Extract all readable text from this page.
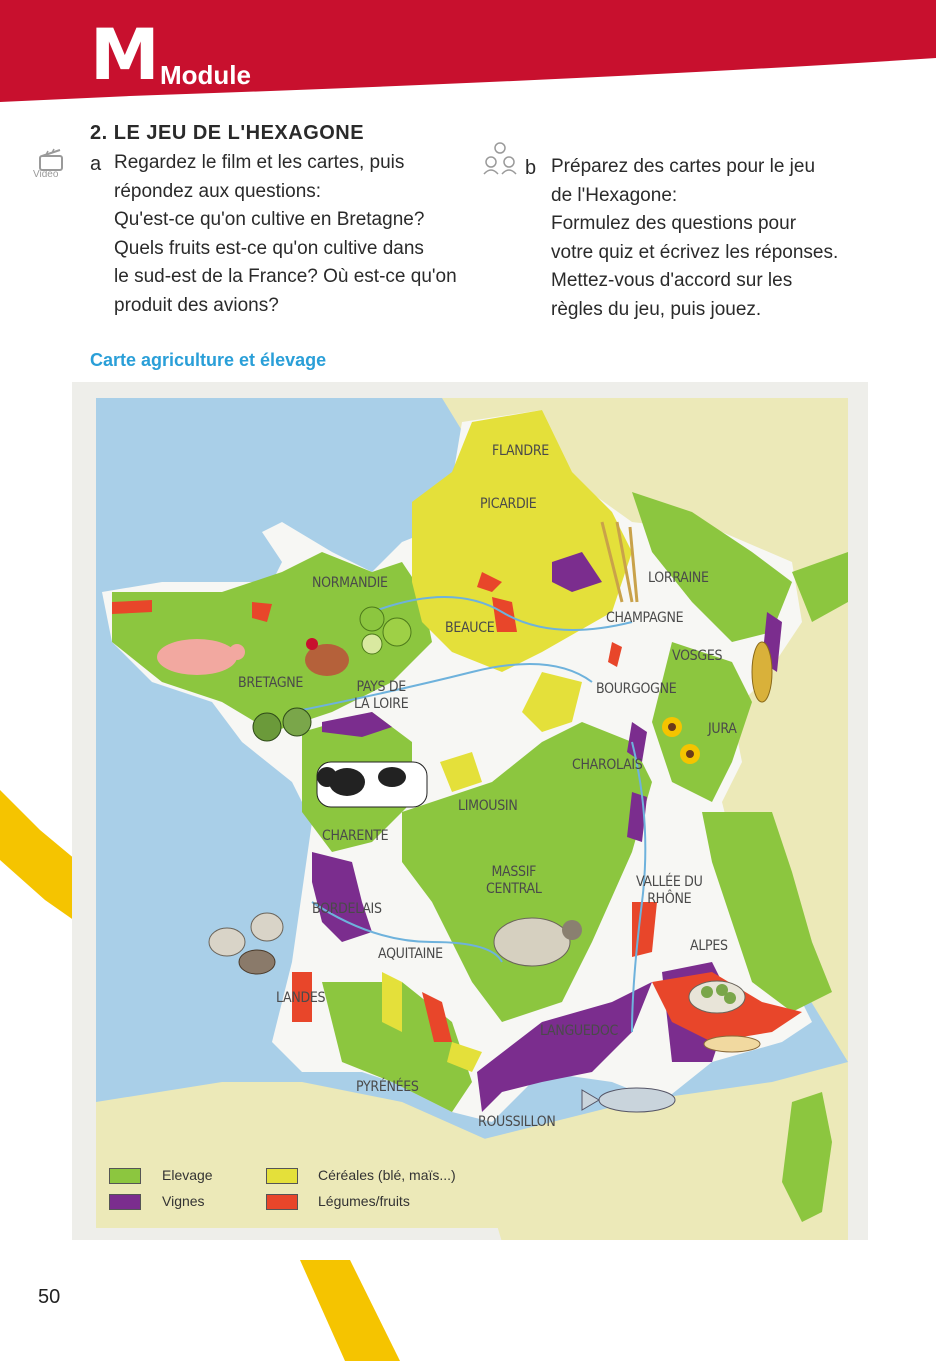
M Module
2. LE JEU DE L'HEXAGONE
Vidéo a Regardez le film et les cartes, puis
répondez aux questions:
Qu'est-ce qu'on cultive en Bretagne?
Quels fruits est-ce qu'on cultive dans
le sud-est de la France? Où est-ce qu'on
produit des avions?
b Préparez des cartes pour le jeu
de l'Hexagone:
Formulez des questions pour
votre quiz et écrivez les réponses.
Mettez-vous d'accord sur les
règles du jeu, puis jouez.
Carte agriculture et élevage
FLANDRE
PICARDIE
NORMANDIE
BEAUCE
LORRAINE
CHAMPAGNE
VOSGES
BRETAGNE	PAYS DE
LA LOIRE
BOURGOGNE
JURA
CHAROLAIS
LIMOUSIN
CHARENTE
MASSIF
CENTRAL	VALLÉE DU
RHÔNE
BORDELAIS
AQUITAINE	ALPES
LANDES
LANGUEDOC
PYRÉNÉES
ROUSSILLON
Elevage
Vignes
Céréales (blé, maïs...)
Légumes/fruits
50
